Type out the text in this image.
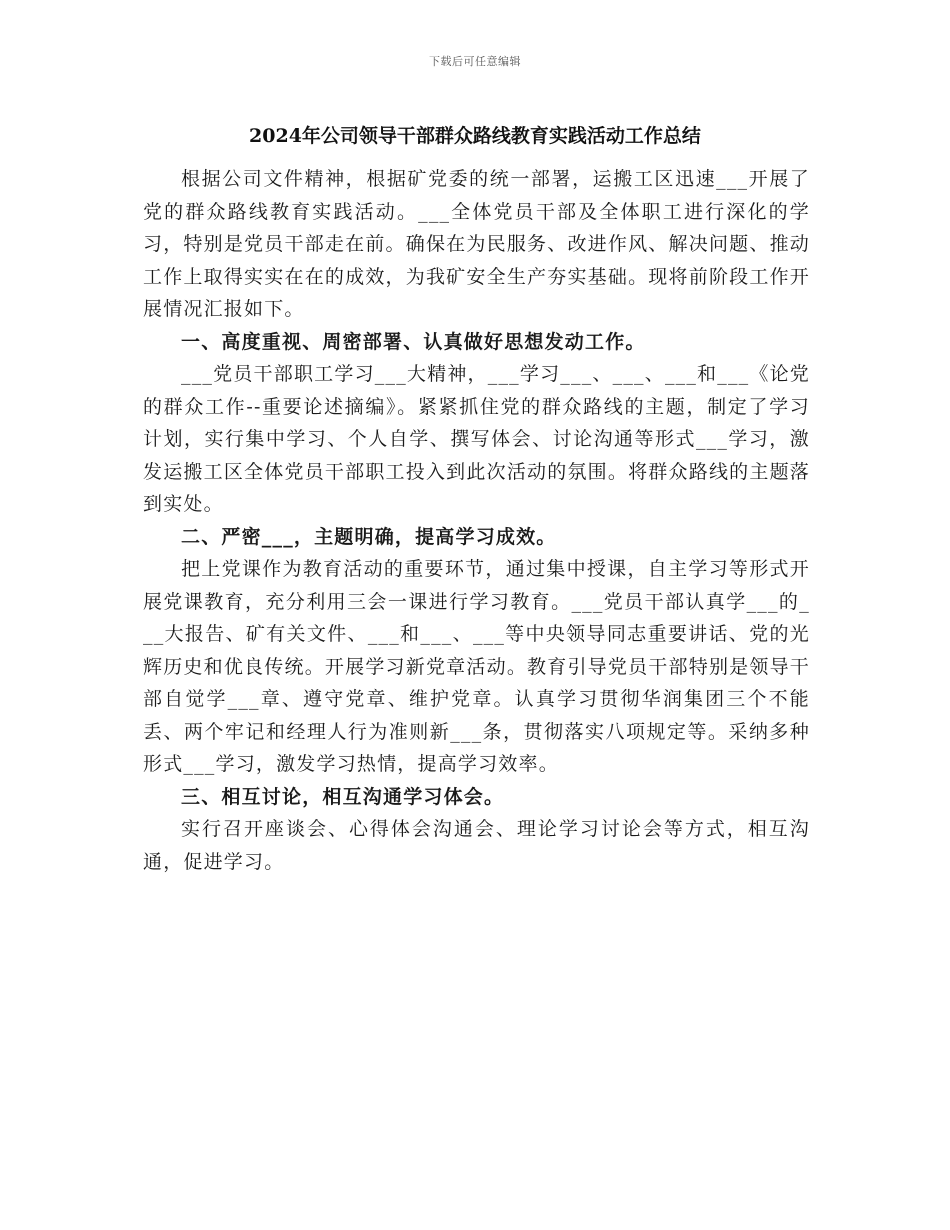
下载后可任意编辑
2024年公司领导干部群众路线教育实践活动工作总结

根据公司文件精神，根据矿党委的统一部署，运搬工区迅速___开展了党的群众路线教育实践活动。___全体党员干部及全体职工进行深化的学习，特别是党员干部走在前。确保在为民服务、改进作风、解决问题、推动工作上取得实实在在的成效，为我矿安全生产夯实基础。现将前阶段工作开展情况汇报如下。

一、高度重视、周密部署、认真做好思想发动工作。

___党员干部职工学习___大精神，___学习___、___、___和___《论党的群众工作--重要论述摘编》。紧紧抓住党的群众路线的主题，制定了学习计划，实行集中学习、个人自学、撰写体会、讨论沟通等形式___学习，激发运搬工区全体党员干部职工投入到此次活动的氛围。将群众路线的主题落到实处。

二、严密___，主题明确，提高学习成效。

把上党课作为教育活动的重要环节，通过集中授课，自主学习等形式开展党课教育，充分利用三会一课进行学习教育。___党员干部认真学___的___大报告、矿有关文件、___和___、___等中央领导同志重要讲话、党的光辉历史和优良传统。开展学习新党章活动。教育引导党员干部特别是领导干部自觉学___章、遵守党章、维护党章。认真学习贯彻华润集团三个不能丢、两个牢记和经理人行为准则新___条，贯彻落实八项规定等。采纳多种形式___学习，激发学习热情，提高学习效率。

三、相互讨论，相互沟通学习体会。

实行召开座谈会、心得体会沟通会、理论学习讨论会等方式，相互沟通，促进学习。
